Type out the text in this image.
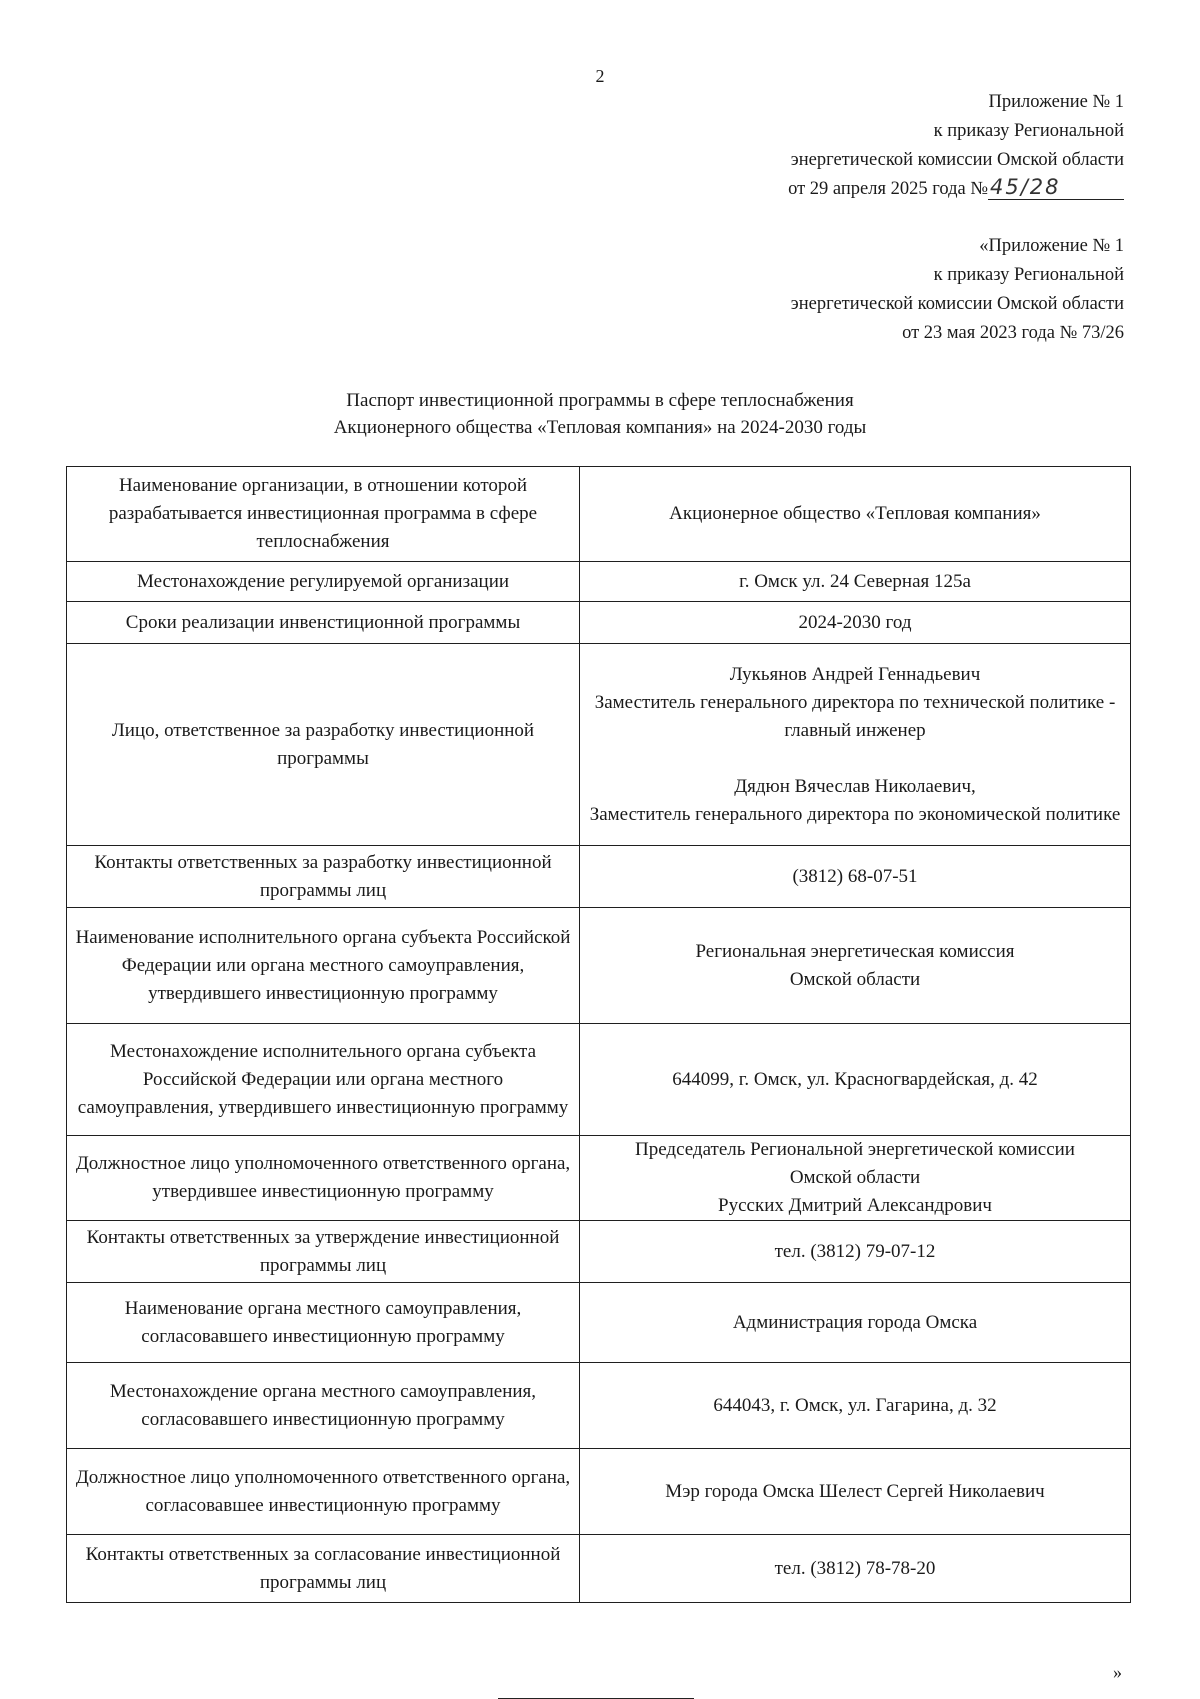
2
Приложение № 1
к приказу Региональной
энергетической комиссии Омской области
от 29 апреля 2025 года №45/28
«Приложение № 1
к приказу Региональной
энергетической комиссии Омской области
от 23 мая 2023 года № 73/26
Паспорт инвестиционной программы в сфере теплоснабжения
Акционерного общества «Тепловая компания» на 2024-2030 годы
Наименование организации, в отношении которой разрабатывается инвестиционная программа в сфере теплоснабжения	Акционерное общество «Тепловая компания»

Местонахождение регулируемой организации	г. Омск ул. 24 Северная 125а

Сроки реализации инвенстиционной программы	2024-2030 год

Лицо, ответственное за разработку инвестиционной программы	Лукьянов Андрей Геннадьевич
Заместитель генерального директора по технической политике - главный инженер
Дядюн Вячеслав Николаевич,
Заместитель генерального директора по экономической политике

Контакты ответственных за разработку инвестиционной программы лиц	(3812) 68-07-51

Наименование исполнительного органа субъекта Российской Федерации или органа местного самоуправления, утвердившего инвестиционную программу	Региональная энергетическая комиссия
Омской области

Местонахождение исполнительного органа субъекта Российской Федерации или органа местного самоуправления, утвердившего инвестиционную программу	644099, г. Омск, ул. Красногвардейская, д. 42

Должностное лицо уполномоченного ответственного органа, утвердившее инвестиционную программу	Председатель Региональной энергетической комиссии
Омской области
Русских Дмитрий Александрович

Контакты ответственных за утверждение инвестиционной программы лиц	тел. (3812) 79-07-12

Наименование органа местного самоуправления, согласовавшего инвестиционную программу	Администрация города Омска

Местонахождение органа местного самоуправления, согласовавшего инвестиционную программу	644043, г. Омск, ул. Гагарина, д. 32

Должностное лицо уполномоченного ответственного органа, согласовавшее инвестиционную программу	Мэр города Омска Шелест Сергей Николаевич

Контакты ответственных за согласование инвестиционной программы лиц	тел. (3812) 78-78-20
»
